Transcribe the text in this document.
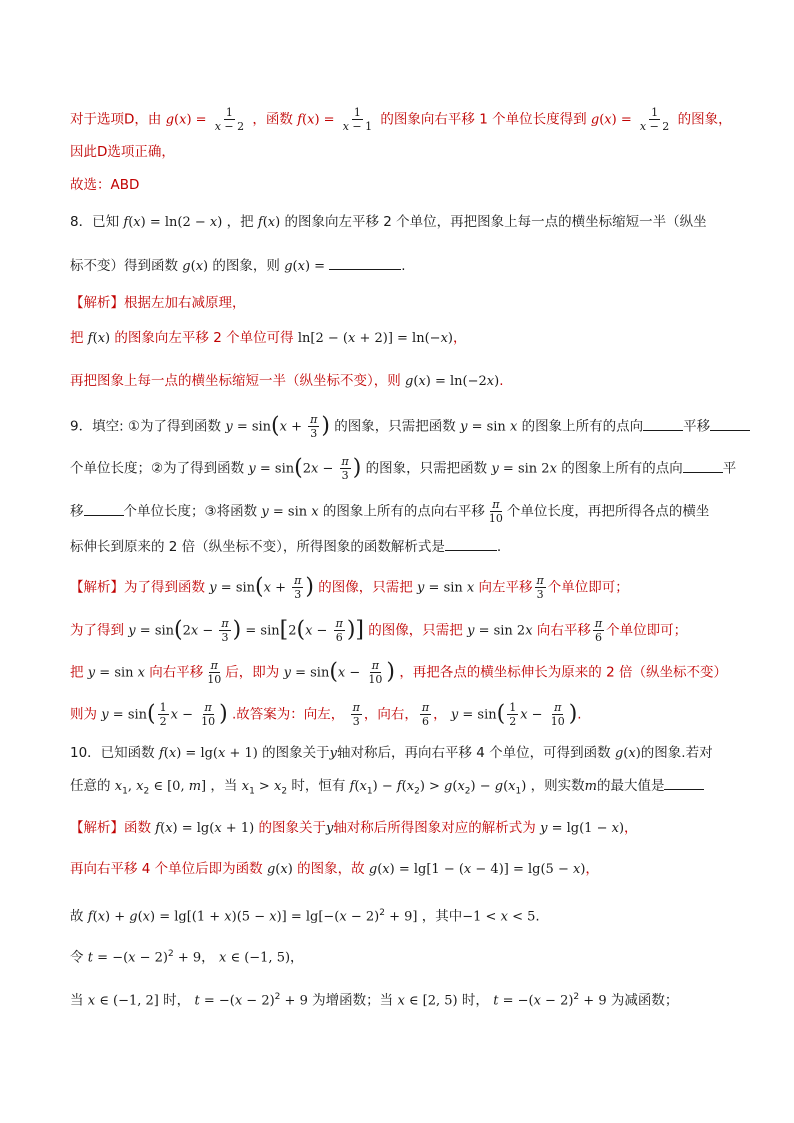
对于选项D，由 $g(x) = \frac{1}{x - 2}$ ，函数 $f(x) = \frac{1}{x - 1}$ 的图象向右平移 1 个单位长度得到 $g(x) = \frac{1}{x - 2}$ 的图象，
因此D选项正确，
故选：ABD
8．已知 f(x) = ln(2 − x) ，把 f(x) 的图象向左平移 2 个单位，再把图象上每一点的横坐标缩短一半（纵坐
标不变）得到函数 g(x) 的图象，则 g(x) =	.
【解析】根据左加右减原理，
把 f(x) 的图象向左平移 2 个单位可得 ln[2 − (x + 2)] = ln(−x)，
再把图象上每一点的横坐标缩短一半（纵坐标不变），则 g(x) = ln(−2x).
9．填空: ①为了得到函数 $y = \sin(x + \frac{\pi}{3}$ ) 的图象，只需把函数 y = sin x 的图象上所有的点向	平移
个单位长度；②为了得到函数 $y = \sin(2x - \frac{\pi}{3}$ ) 的图象，只需把函数 y = sin 2x 的图象上所有的点向	平
移	个单位长度；③将函数 y = sin x 的图象上所有的点向右平移 $\frac{\pi}{10}$ 个单位长度，再把所得各点的横坐
标伸长到原来的 2 倍（纵坐标不变），所得图象的函数解析式是	.
【解析】为了得到函数 $y = \sin(x + \frac{\pi}{3}$ ) 的图像，只需把 y = sin x 向左平移 $\frac{\pi}{3}$ 个单位即可；
为了得到 $y = \sin(2x - \frac{\pi}{3}$ ) = $\sin[2(x - \frac{\pi}{6}$ )] 的图像，只需把 y = sin 2x 向右平移 $\frac{\pi}{6}$ 个单位即可；
把 y = sin x 向右平移 $\frac{\pi}{10}$ 后，即为 $y = \sin(x - \frac{\pi}{10}$ ) ，再把各点的横坐标伸长为原来的 2 倍（纵坐标不变）
则为 $y = \sin( \frac{1}{2}$ $x - \frac{\pi}{10}$ ) .故答案为：向左， $\frac{\pi}{3}$ ，向右， $\frac{\pi}{6}$ ， $y = \sin( \frac{1}{2}$ $x - \frac{\pi}{10}$ ).
10．已知函数 f(x) = lg(x + 1) 的图象关于y轴对称后，再向右平移 4 个单位，可得到函数 g(x)的图象.若对
任意的 $x_1$, $x_2$ ∈ [0, m] ，当 $x_1 > x_2$ 时，恒有 $f(x_1) - f(x_2) > g(x_2) - g(x_1)$ ，则实数m的最大值是
【解析】函数 f(x) = lg(x + 1) 的图象关于y轴对称后所得图象对应的解析式为 y = lg(1 − x)，
再向右平移 4 个单位后即为函数 g(x) 的图象，故 g(x) = lg[1 − (x − 4)] = lg(5 − x)，
故 $f(x) + g(x) = \lg[(1 + x)(5 - x)] = \lg[-(x - 2)^2 + 9]$ ，其中−1 < x < 5.
令 $t = -(x - 2)^2 + 9$， x ∈ (−1, 5)，
当 x ∈ (−1, 2] 时， $t = -(x - 2)^2 + 9$ 为增函数；当 x ∈ [2, 5) 时， $t = -(x - 2)^2 + 9$ 为减函数；
